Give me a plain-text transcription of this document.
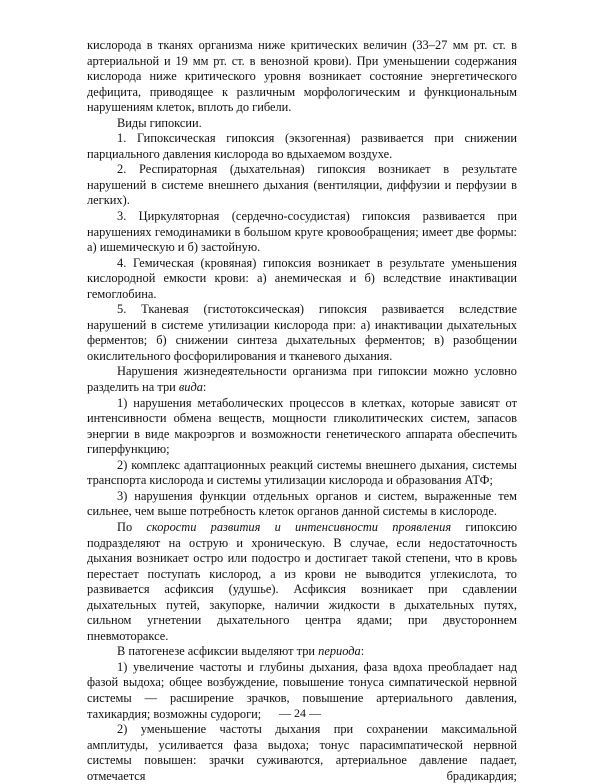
кислорода в тканях организма ниже критических величин (33–27 мм рт. ст. в артериальной и 19 мм рт. ст. в венозной крови). При уменьшении содержания кислорода ниже критического уровня возникает состояние энергетического дефицита, приводящее к различным морфологическим и функциональным нарушениям клеток, вплоть до гибели.

Виды гипоксии.

1. Гипоксическая гипоксия (экзогенная) развивается при снижении парциального давления кислорода во вдыхаемом воздухе.

2. Респираторная (дыхательная) гипоксия возникает в результате нарушений в системе внешнего дыхания (вентиляции, диффузии и перфузии в легких).

3. Циркуляторная (сердечно-сосудистая) гипоксия развивается при нарушениях гемодинамики в большом круге кровообращения; имеет две формы: а) ишемическую и б) застойную.

4. Гемическая (кровяная) гипоксия возникает в результате уменьшения кислородной емкости крови: а) анемическая и б) вследствие инактивации гемоглобина.

5. Тканевая (гистотоксическая) гипоксия развивается вследствие нарушений в системе утилизации кислорода при: а) инактивации дыхательных ферментов; б) снижении синтеза дыхательных ферментов; в) разобщении окислительного фосфорилирования и тканевого дыхания.

Нарушения жизнедеятельности организма при гипоксии можно условно разделить на три вида:

1) нарушения метаболических процессов в клетках, которые зависят от интенсивности обмена веществ, мощности гликолитических систем, запасов энергии в виде макроэргов и возможности генетического аппарата обеспечить гиперфункцию;

2) комплекс адаптационных реакций системы внешнего дыхания, системы транспорта кислорода и системы утилизации кислорода и образования АТФ;

3) нарушения функции отдельных органов и систем, выраженные тем сильнее, чем выше потребность клеток органов данной системы в кислороде.

По скорости развития и интенсивности проявления гипоксию подразделяют на острую и хроническую. В случае, если недостаточность дыхания возникает остро или подостро и достигает такой степени, что в кровь перестает поступать кислород, а из крови не выводится углекислота, то развивается асфиксия (удушье). Асфиксия возникает при сдавлении дыхательных путей, закупорке, наличии жидкости в дыхательных путях, сильном угнетении дыхательного центра ядами; при двустороннем пневмотораксе.

В патогенезе асфиксии выделяют три периода:

1) увеличение частоты и глубины дыхания, фаза вдоха преобладает над фазой выдоха; общее возбуждение, повышение тонуса симпатической нервной системы — расширение зрачков, повышение артериального давления, тахикардия; возможны судороги;

2) уменьшение частоты дыхания при сохранении максимальной амплитуды, усиливается фаза выдоха; тонус парасимпатической нервной системы повышен: зрачки суживаются, артериальное давление падает, отмечается брадикардия;

— 24 —
